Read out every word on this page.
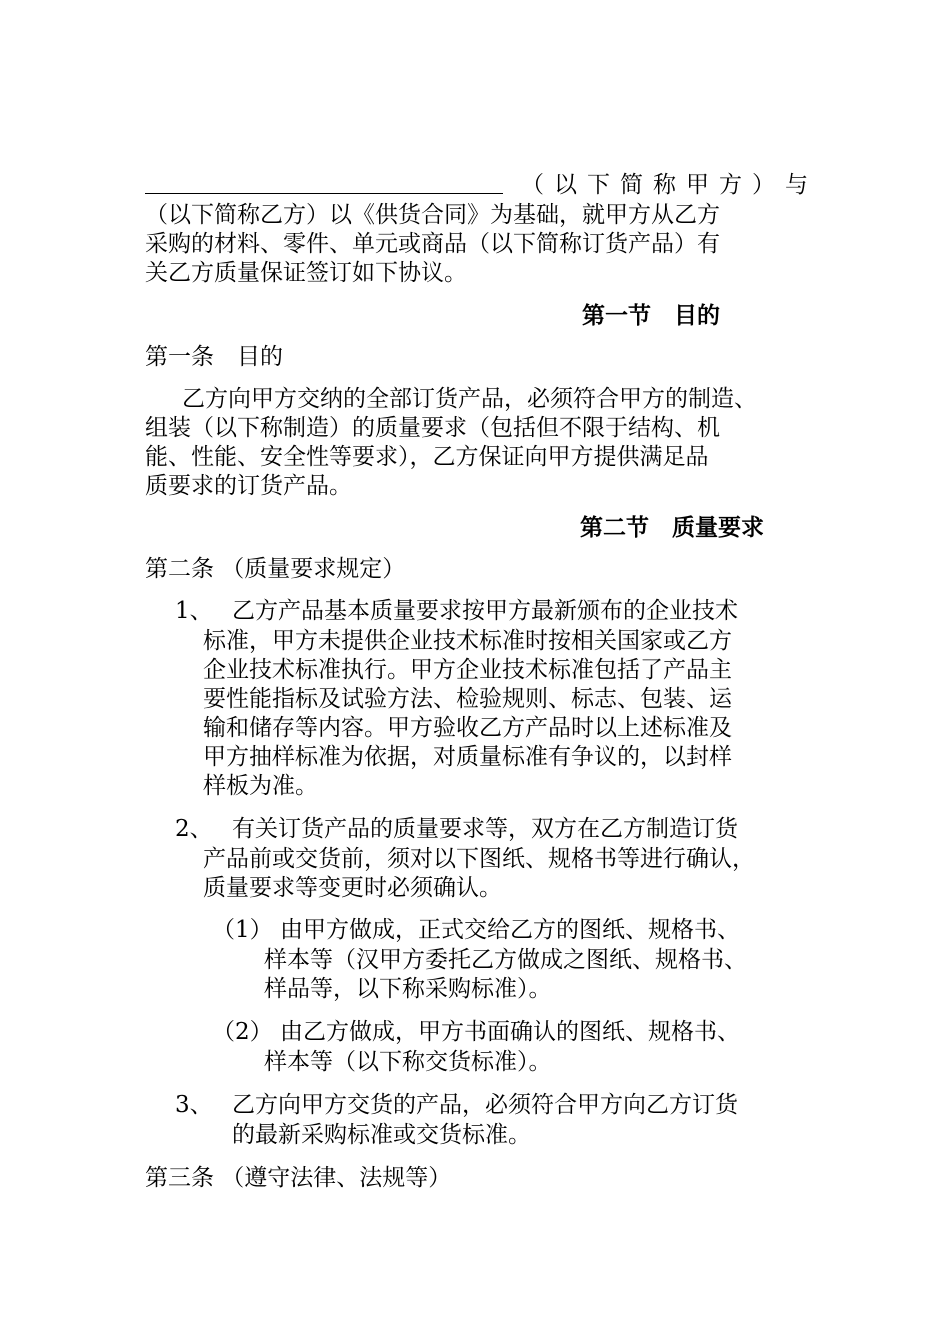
（以下简称甲方）与
（以下简称乙方）以《供货合同》为基础，就甲方从乙方
采购的材料、零件、单元或商品（以下简称订货产品）有
关乙方质量保证签订如下协议。
第一节　目的
第一条　目的
乙方向甲方交纳的全部订货产品，必须符合甲方的制造、
组装（以下称制造）的质量要求（包括但不限于结构、机
能、性能、安全性等要求），乙方保证向甲方提供满足品
质要求的订货产品。
第二节　质量要求
第二条 （质量要求规定）
1、 乙方产品基本质量要求按甲方最新颁布的企业技术
标准，甲方未提供企业技术标准时按相关国家或乙方
企业技术标准执行。甲方企业技术标准包括了产品主
要性能指标及试验方法、检验规则、标志、包装、运
输和储存等内容。甲方验收乙方产品时以上述标准及
甲方抽样标准为依据，对质量标准有争议的，以封样
样板为准。
2、 有关订货产品的质量要求等，双方在乙方制造订货
产品前或交货前，须对以下图纸、规格书等进行确认，
质量要求等变更时必须确认。
（1） 由甲方做成，正式交给乙方的图纸、规格书、
样本等（汉甲方委托乙方做成之图纸、规格书、
样品等，以下称采购标准）。
（2） 由乙方做成，甲方书面确认的图纸、规格书、
样本等（以下称交货标准）。
3、 乙方向甲方交货的产品，必须符合甲方向乙方订货
的最新采购标准或交货标准。
第三条 （遵守法律、法规等）
